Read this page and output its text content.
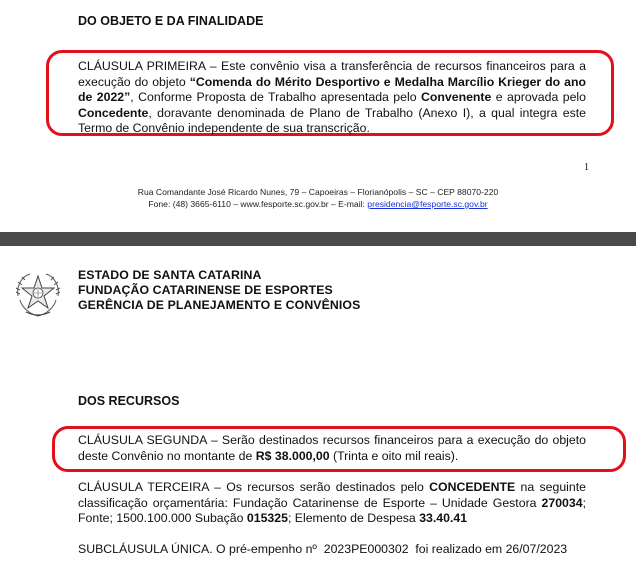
DO OBJETO E DA FINALIDADE
CLÁUSULA PRIMEIRA – Este convênio visa a transferência de recursos financeiros para a execução do objeto “Comenda do Mérito Desportivo e Medalha Marcílio Krieger do ano de 2022”, Conforme Proposta de Trabalho apresentada pelo Convenente e aprovada pelo Concedente, doravante denominada de Plano de Trabalho (Anexo I), a qual integra este Termo de Convênio independente de sua transcrição.
1
Rua Comandante José Ricardo Nunes, 79 – Capoeiras – Florianópolis – SC – CEP 88070-220
Fone: (48) 3665-6110 – www.fesporte.sc.gov.br – E-mail: presidencia@fesporte.sc.gov.br
ESTADO DE SANTA CATARINA
FUNDAÇÃO CATARINENSE DE ESPORTES
GERÊNCIA DE PLANEJAMENTO E CONVÊNIOS
DOS RECURSOS
CLÁUSULA SEGUNDA – Serão destinados recursos financeiros para a execução do objeto deste Convênio no montante de R$ 38.000,00 (Trinta e oito mil reais).
CLÁUSULA TERCEIRA – Os recursos serão destinados pelo CONCEDENTE na seguinte classificação orçamentária: Fundação Catarinense de Esporte – Unidade Gestora 270034; Fonte; 1500.100.000 Subação 015325; Elemento de Despesa 33.40.41
SUBCLÁUSULA ÚNICA. O pré-empenho nº  2023PE000302  foi realizado em 26/07/2023
